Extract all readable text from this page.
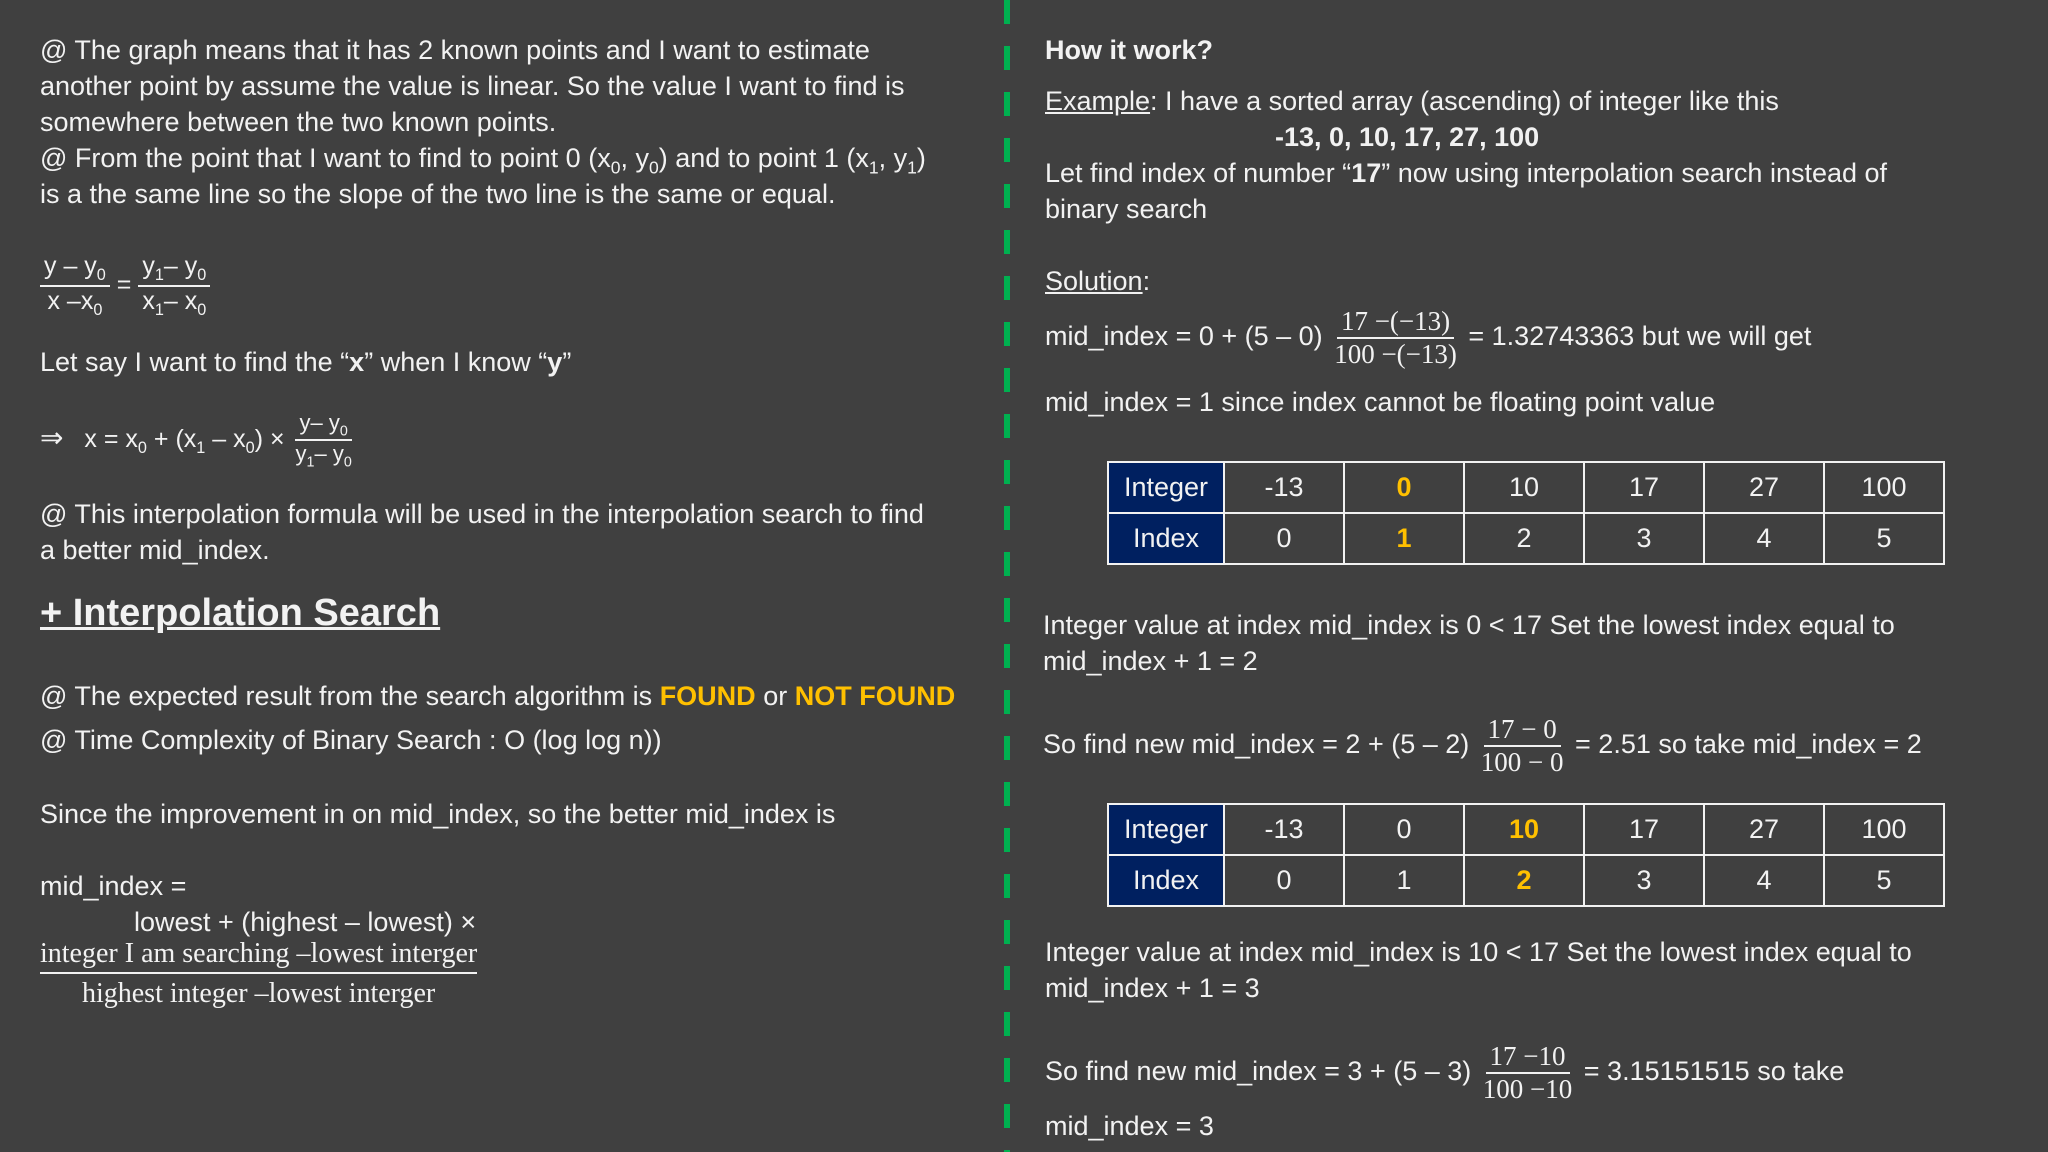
@ The graph means that it has 2 known points and I want to estimate
another point by assume the value is linear. So the value I want to find is
somewhere between the two known points.
@ From the point that I want to find to point 0 ($x_0$, $y_0$) and to point 1 ($x_1$, $y_1$)
is a the same line so the slope of the two line is the same or equal.
$\frac{y - y_0}{x -x_0} = \frac{y_1- y_0}{x_1- x_0}$
Let say I want to find the “x” when I know “y”
⇒ $x = x_0 + (x_1 - x_0) \times \frac{y- y_0}{y_1- y_0}$
@ This interpolation formula will be used in the interpolation search to find
a better mid_index.
+ Interpolation Search
@ The expected result from the search algorithm is FOUND or NOT FOUND
@ Time Complexity of Binary Search : O (log log n))
Since the improvement in on mid_index, so the better mid_index is
mid_index =
lowest + (highest – lowest) ×
integer I am searching –lowest interger
highest integer –lowest interger
How it work?
Example: I have a sorted array (ascending) of integer like this
-13, 0, 10, 17, 27, 100
Let find index of number “17” now using interpolation search instead of
binary search
Solution:
mid_index = $0 + (5 - 0) \frac{17 -(-13)}{100 -(-13)} = 1.32743363$ but we will get
mid_index = 1 since index cannot be floating point value
Integer	-13	0	10	17	27	100
Index	0	1	2	3	4	5
Integer value at index mid_index is 0 < 17 Set the lowest index equal to
mid_index + 1 = 2
So find new mid_index = $2 + (5 - 2) \frac{17 - 0}{100 - 0} = 2.51$ so take mid_index = 2
Integer	-13	0	10	17	27	100
Index	0	1	2	3	4	5
Integer value at index mid_index is 10 < 17 Set the lowest index equal to
mid_index + 1 = 3
So find new mid_index = $3 + (5 - 3) \frac{17 -10}{100 -10} = 3.15151515$ so take
mid_index = 3
